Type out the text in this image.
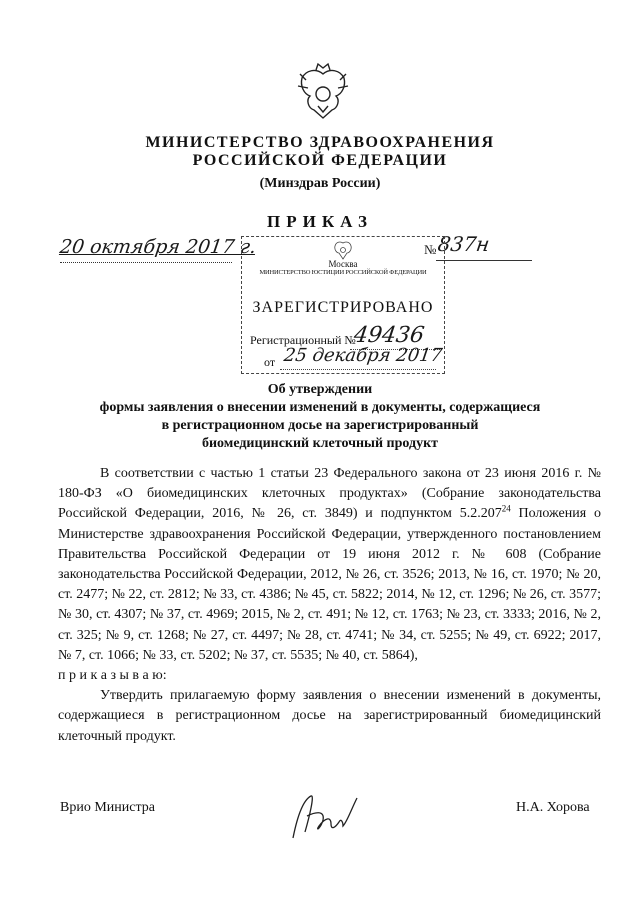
МИНИСТЕРСТВО ЗДРАВООХРАНЕНИЯ
РОССИЙСКОЙ ФЕДЕРАЦИИ
(Минздрав России)
ПРИКАЗ
20 октября 2017 г.	№ 837н
Москва
МИНИСТЕРСТВО ЮСТИЦИИ РОССИЙСКОЙ ФЕДЕРАЦИИ
ЗАРЕГИСТРИРОВАНО
Регистрационный №
49436
от 25 декабря 2017
Об утверждении
формы заявления о внесении изменений в документы, содержащиеся
в регистрационном досье на зарегистрированный
биомедицинский клеточный продукт

В соответствии с частью 1 статьи 23 Федерального закона от 23 июня 2016 г. № 180-ФЗ «О биомедицинских клеточных продуктах» (Собрание законодательства Российской Федерации, 2016, № 26, ст. 3849) и подпунктом 5.2.207$^{24}$ Положения о Министерстве здравоохранения Российской Федерации, утвержденного постановлением Правительства Российской Федерации от 19 июня 2012 г. № 608 (Собрание законодательства Российской Федерации, 2012, № 26, ст. 3526; 2013, № 16, ст. 1970; № 20, ст. 2477; № 22, ст. 2812; № 33, ст. 4386; № 45, ст. 5822; 2014, № 12, ст. 1296; № 26, ст. 3577; № 30, ст. 4307; № 37, ст. 4969; 2015, № 2, ст. 491; № 12, ст. 1763; № 23, ст. 3333; 2016, № 2, ст. 325; № 9, ст. 1268; № 27, ст. 4497; № 28, ст. 4741; № 34, ст. 5255; № 49, ст. 6922; 2017, № 7, ст. 1066; № 33, ст. 5202; № 37, ст. 5535; № 40, ст. 5864),

п р и к а з ы в а ю:

Утвердить прилагаемую форму заявления о внесении изменений в документы, содержащиеся в регистрационном досье на зарегистрированный биомедицинский клеточный продукт.

Врио Министра	Н.А. Хорова
